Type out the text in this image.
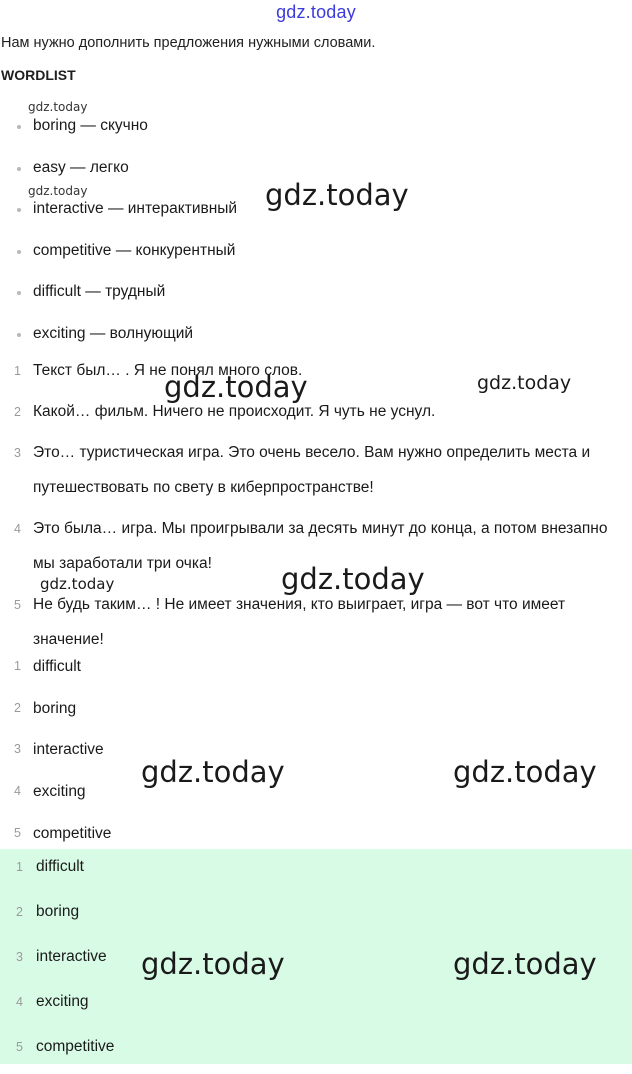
gdz.today
Нам нужно дополнить предложения нужными словами.
WORDLIST
boring — скучно
easy — легко
interactive — интерактивный
competitive — конкурентный
difficult — трудный
exciting — волнующий
1 Текст был… . Я не понял много слов.
2 Какой… фильм. Ничего не происходит. Я чуть не уснул.
3 Это… туристическая игра. Это очень весело. Вам нужно определить места и путешествовать по свету в киберпространстве!
4 Это была… игра. Мы проигрывали за десять минут до конца, а потом внезапно мы заработали три очка!
5 Не будь таким… ! Не имеет значения, кто выиграет, игра — вот что имеет значение!
1 difficult
2 boring
3 interactive
4 exciting
5 competitive
1 difficult
2 boring
3 interactive
4 exciting
5 competitive
gdz.today
gdz.today	gdz.today
gdz.today	gdz.today
gdz.today	gdz.today
gdz.today	gdz.today
gdz.today	gdz.today
